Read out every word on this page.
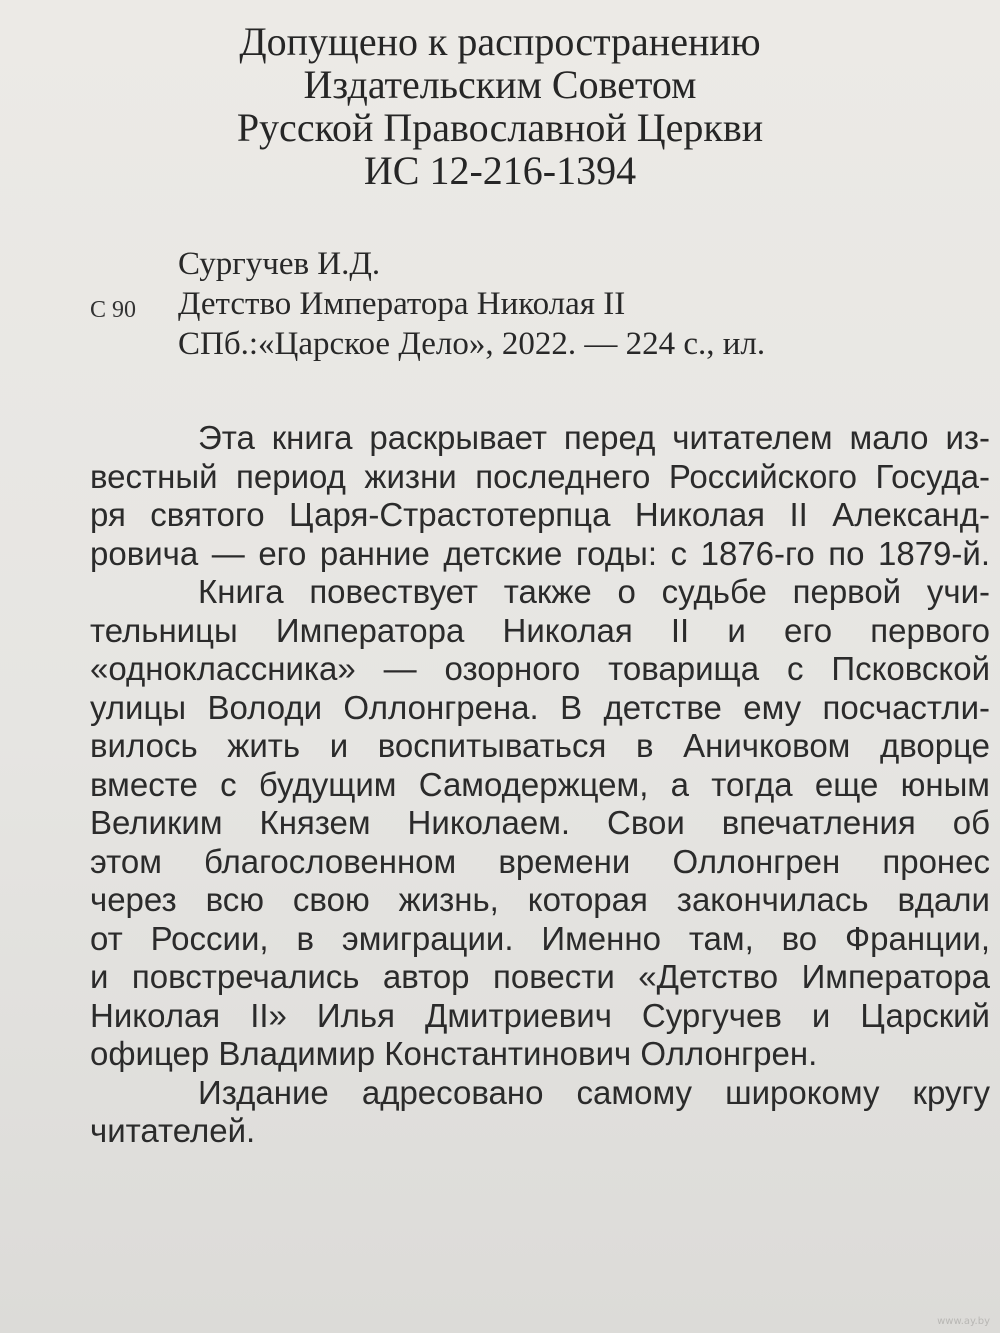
Допущено к распространению
Издательским Советом
Русской Православной Церкви
ИС 12-216-1394
С 90
Сургучев И.Д.
Детство Императора Николая II
СПб.:«Царское Дело», 2022. — 224 с., ил.
Эта книга раскрывает перед читателем мало из-
вестный период жизни последнего Российского Госуда-
ря святого Царя-Страстотерпца Николая II Александ-
ровича — его ранние детские годы: с 1876-го по 1879-й.
Книга повествует также о судьбе первой учи-
тельницы Императора Николая II и его первого
«одноклассника» — озорного товарища с Псковской
улицы Володи Оллонгрена. В детстве ему посчастли-
вилось жить и воспитываться в Аничковом дворце
вместе с будущим Самодержцем, а тогда еще юным
Великим Князем Николаем. Свои впечатления об
этом благословенном времени Оллонгрен пронес
через всю свою жизнь, которая закончилась вдали
от России, в эмиграции. Именно там, во Франции,
и повстречались автор повести «Детство Императора
Николая II» Илья Дмитриевич Сургучев и Царский
офицер Владимир Константинович Оллонгрен.
Издание адресовано самому широкому кругу
читателей.
www.ay.by
